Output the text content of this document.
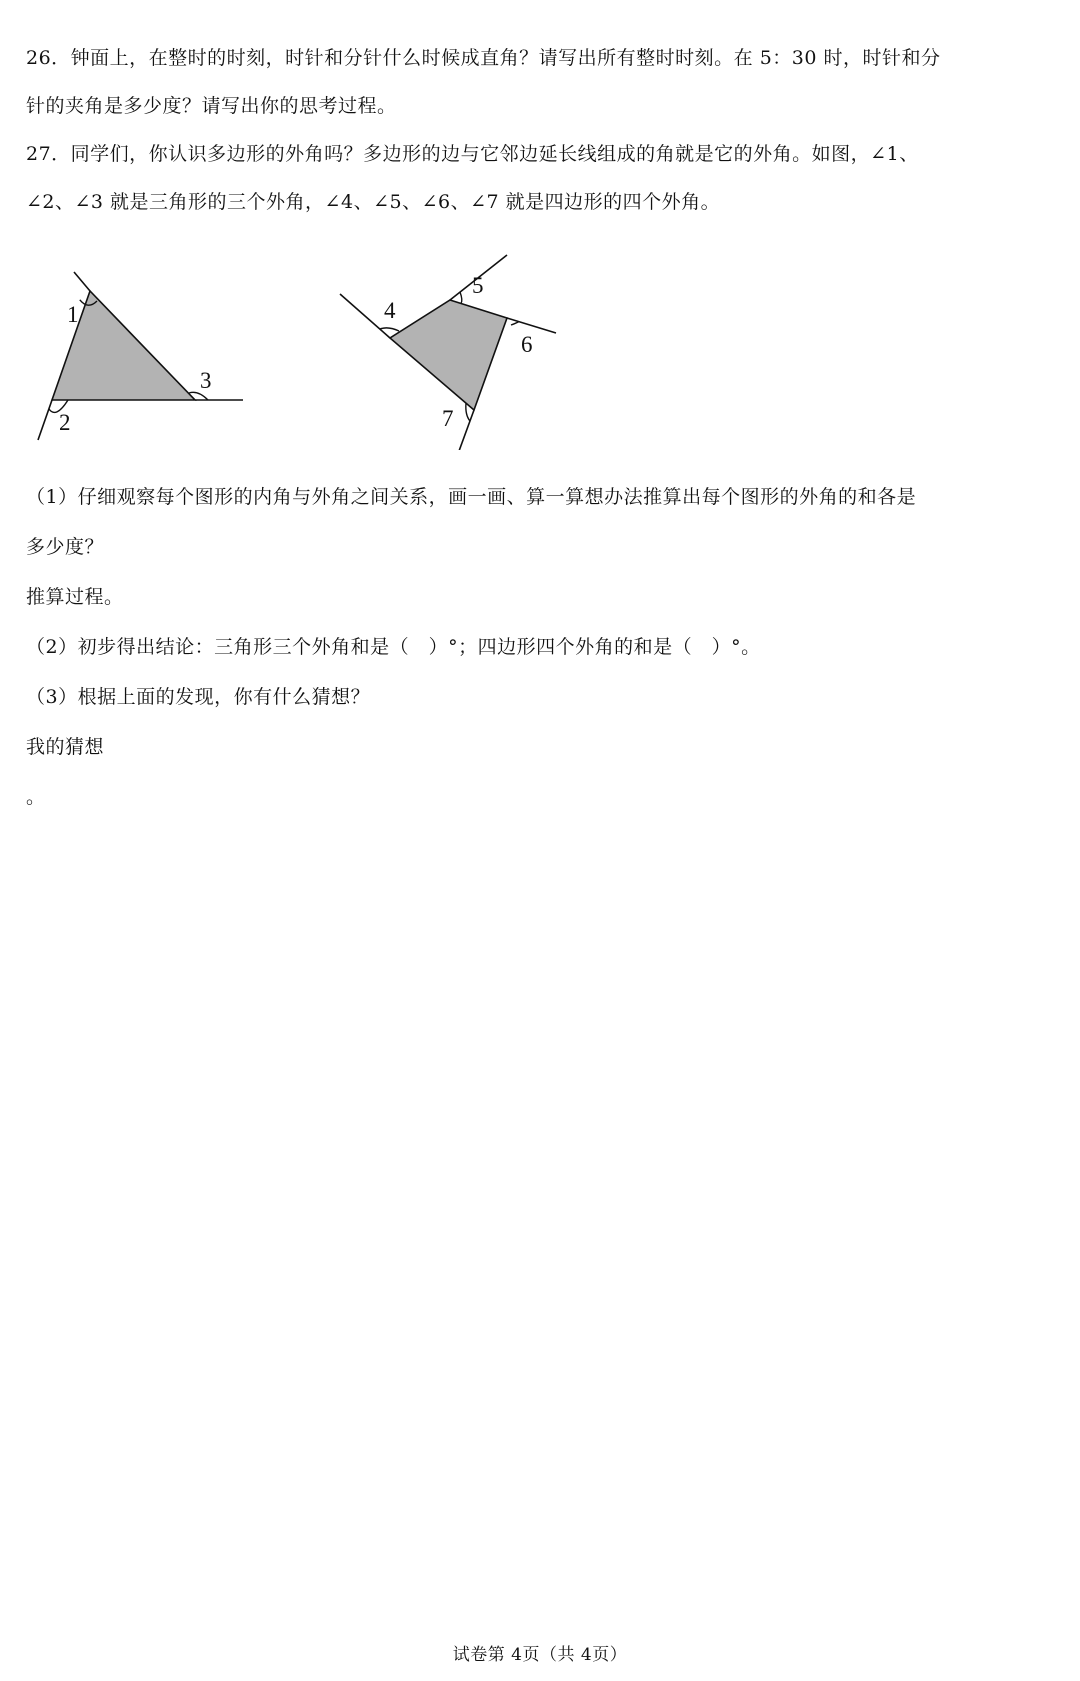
26．钟面上，在整时的时刻，时针和分针什么时候成直角？请写出所有整时时刻。在 5：30 时，时针和分
针的夹角是多少度？请写出你的思考过程。
27．同学们，你认识多边形的外角吗？多边形的边与它邻边延长线组成的角就是它的外角。如图，∠1、
∠2、∠3 就是三角形的三个外角，∠4、∠5、∠6、∠7 就是四边形的四个外角。
1
2
3
4
5
6
7
（1）仔细观察每个图形的内角与外角之间关系，画一画、算一算想办法推算出每个图形的外角的和各是
多少度？
推算过程。
（2）初步得出结论：三角形三个外角和是（　）°；四边形四个外角的和是（　）°。
（3）根据上面的发现，你有什么猜想？
我的猜想
。
试卷第 4页（共 4页）
